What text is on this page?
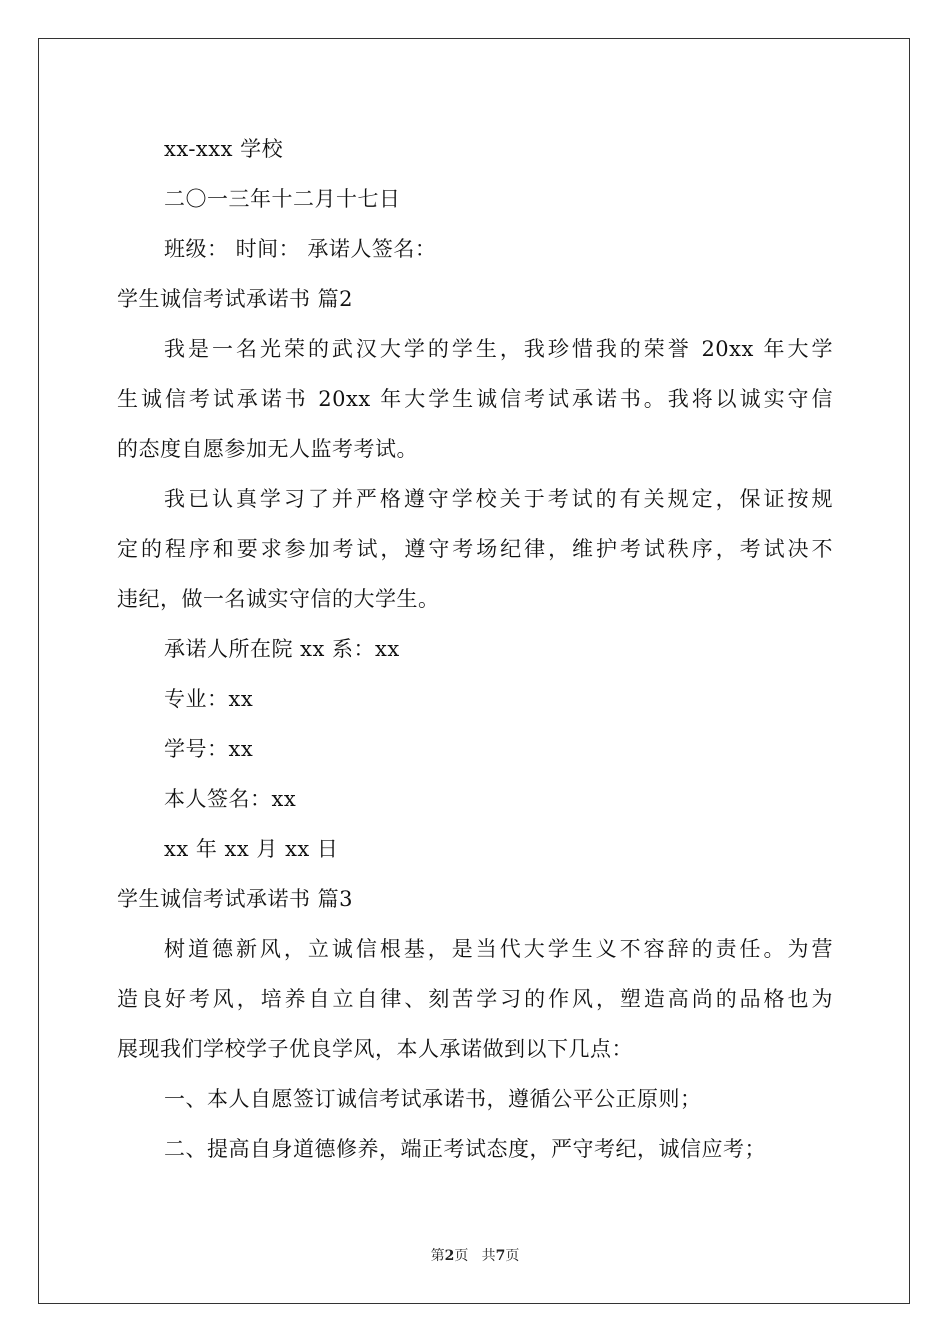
xx-xxx 学校
二〇一三年十二月十七日
班级： 时间： 承诺人签名：
学生诚信考试承诺书 篇2
我是一名光荣的武汉大学的学生，我珍惜我的荣誉 20xx 年大学
生诚信考试承诺书 20xx 年大学生诚信考试承诺书。我将以诚实守信
的态度自愿参加无人监考考试。
我已认真学习了并严格遵守学校关于考试的有关规定，保证按规
定的程序和要求参加考试，遵守考场纪律，维护考试秩序，考试决不
违纪，做一名诚实守信的大学生。
承诺人所在院 xx 系：xx
专业：xx
学号：xx
本人签名：xx
xx 年 xx 月 xx 日
学生诚信考试承诺书 篇3
树道德新风，立诚信根基，是当代大学生义不容辞的责任。为营
造良好考风，培养自立自律、刻苦学习的作风，塑造高尚的品格也为
展现我们学校学子优良学风，本人承诺做到以下几点：
一、本人自愿签订诚信考试承诺书，遵循公平公正原则；
二、提高自身道德修养，端正考试态度，严守考纪，诚信应考；
第2页 共7页
